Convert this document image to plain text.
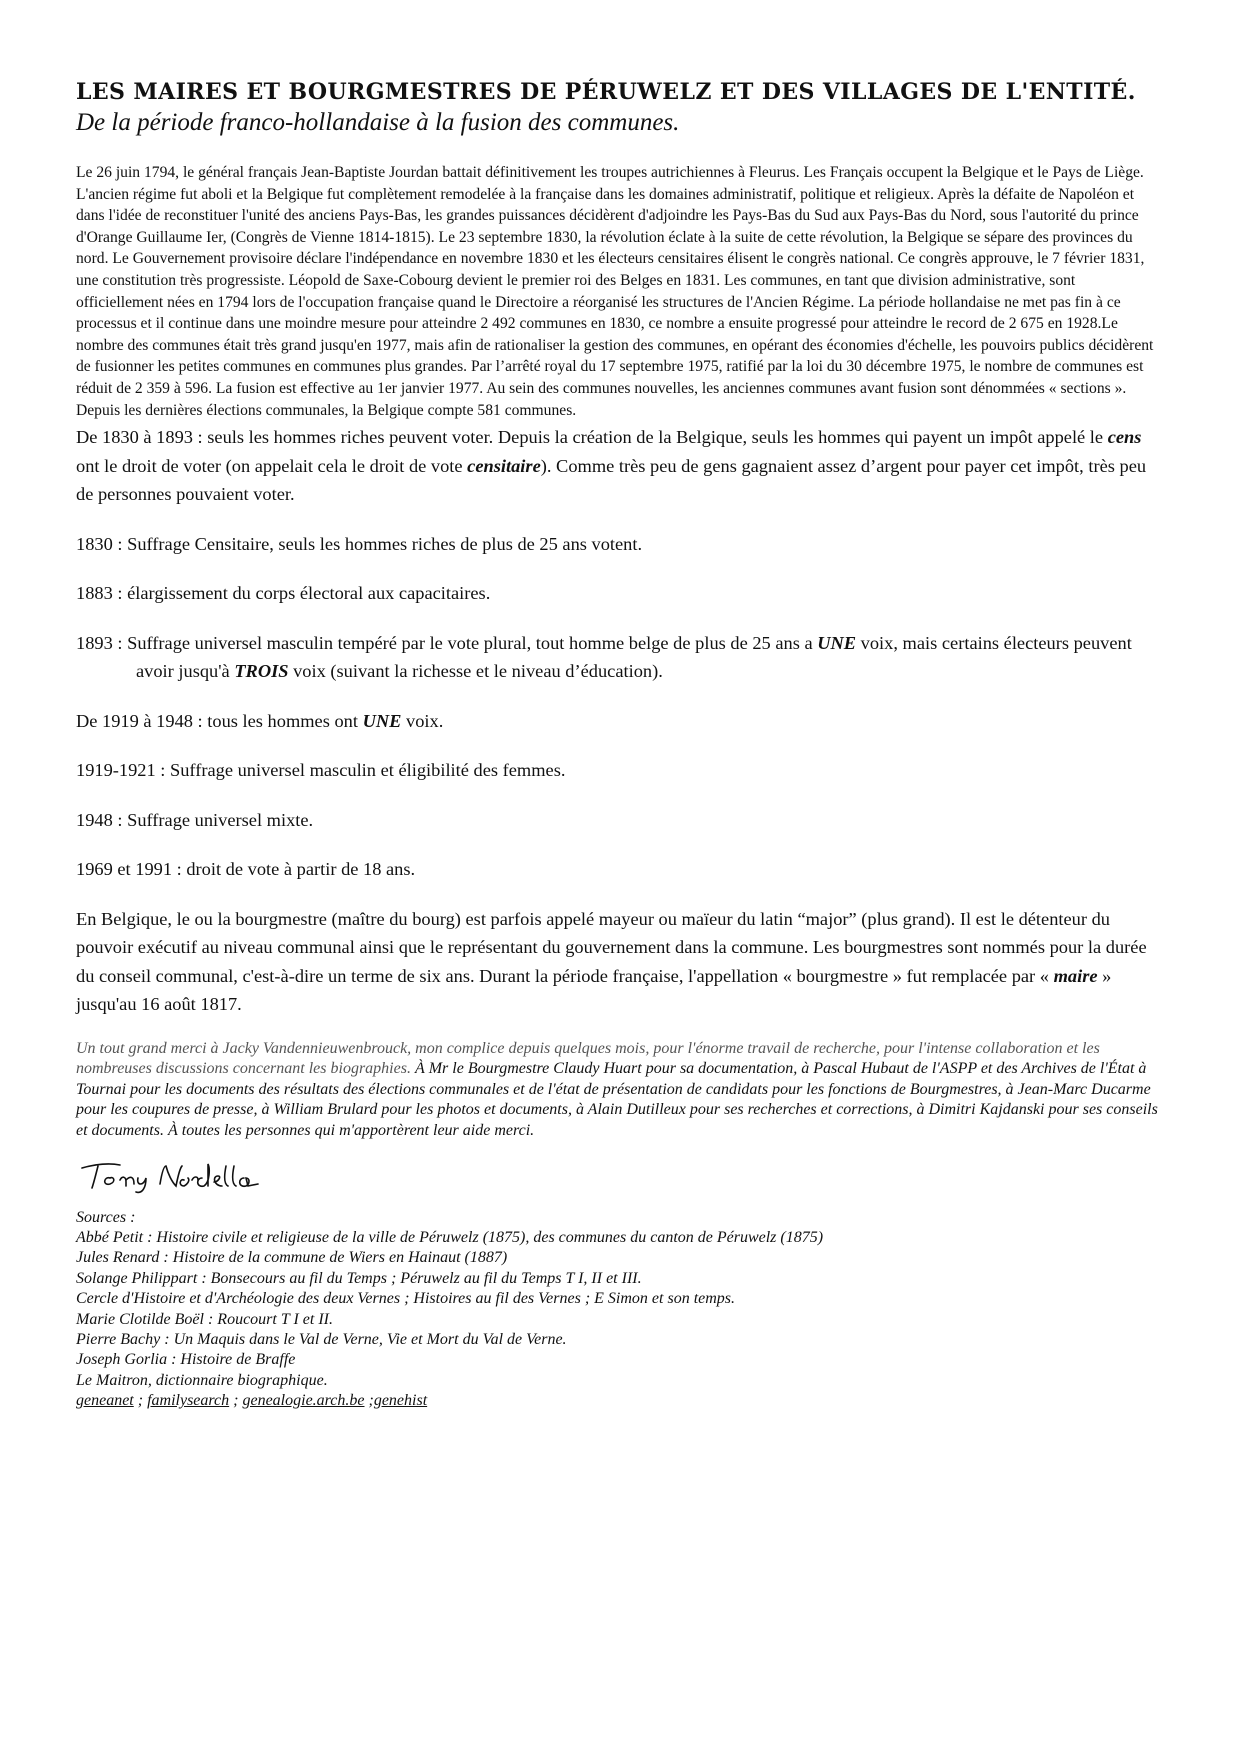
LES MAIRES ET BOURGMESTRES DE PÉRUWELZ ET DES VILLAGES DE L'ENTITÉ.

De la période franco-hollandaise à la fusion des communes.

Le 26 juin 1794, le général français Jean-Baptiste Jourdan battait définitivement les troupes autrichiennes à Fleurus. Les Français occupent la Belgique et le Pays de Liège. L'ancien régime fut aboli et la Belgique fut complètement remodelée à la française dans les domaines administratif, politique et religieux. Après la défaite de Napoléon et dans l'idée de reconstituer l'unité des anciens Pays-Bas, les grandes puissances décidèrent d'adjoindre les Pays-Bas du Sud aux Pays-Bas du Nord, sous l'autorité du prince d'Orange Guillaume Ier, (Congrès de Vienne 1814-1815). Le 23 septembre 1830, la révolution éclate à la suite de cette révolution, la Belgique se sépare des provinces du nord. Le Gouvernement provisoire déclare l'indépendance en novembre 1830 et les électeurs censitaires élisent le congrès national. Ce congrès approuve, le 7 février 1831, une constitution très progressiste. Léopold de Saxe-Cobourg devient le premier roi des Belges en 1831. Les communes, en tant que division administrative, sont officiellement nées en 1794 lors de l'occupation française quand le Directoire a réorganisé les structures de l'Ancien Régime. La période hollandaise ne met pas fin à ce processus et il continue dans une moindre mesure pour atteindre 2 492 communes en 1830, ce nombre a ensuite progressé pour atteindre le record de 2 675 en 1928.Le nombre des communes était très grand jusqu'en 1977, mais afin de rationaliser la gestion des communes, en opérant des économies d'échelle, les pouvoirs publics décidèrent de fusionner les petites communes en communes plus grandes. Par l’arrêté royal du 17 septembre 1975, ratifié par la loi du 30 décembre 1975, le nombre de communes est réduit de 2 359 à 596. La fusion est effective au 1er janvier 1977. Au sein des communes nouvelles, les anciennes communes avant fusion sont dénommées « sections ». Depuis les dernières élections communales, la Belgique compte 581 communes.

De 1830 à 1893 : seuls les hommes riches peuvent voter. Depuis la création de la Belgique, seuls les hommes qui payent un impôt appelé le cens ont le droit de voter (on appelait cela le droit de vote censitaire). Comme très peu de gens gagnaient assez d’argent pour payer cet impôt, très peu de personnes pouvaient voter.

1830 : Suffrage Censitaire, seuls les hommes riches de plus de 25 ans votent.

1883 : élargissement du corps électoral aux capacitaires.

1893 : Suffrage universel masculin tempéré par le vote plural, tout homme belge de plus de 25 ans a UNE voix, mais certains électeurs peuvent avoir jusqu'à TROIS voix (suivant la richesse et le niveau d’éducation).

De 1919 à 1948 : tous les hommes ont UNE voix.

1919-1921 : Suffrage universel masculin et éligibilité des femmes.

1948 : Suffrage universel mixte.

1969 et 1991 : droit de vote à partir de 18 ans.

En Belgique, le ou la bourgmestre (maître du bourg) est parfois appelé mayeur ou maïeur du latin “major” (plus grand). Il est le détenteur du pouvoir exécutif au niveau communal ainsi que le représentant du gouvernement dans la commune. Les bourgmestres sont nommés pour la durée du conseil communal, c'est-à-dire un terme de six ans. Durant la période française, l'appellation « bourgmestre » fut remplacée par « maire » jusqu'au 16 août 1817.

Un tout grand merci à Jacky Vandennieuwenbrouck, mon complice depuis quelques mois, pour l'énorme travail de recherche, pour l'intense collaboration et les nombreuses discussions concernant les biographies. À Mr le Bourgmestre Claudy Huart pour sa documentation, à Pascal Hubaut de l'ASPP et des Archives de l'État à Tournai pour les documents des résultats des élections communales et de l'état de présentation de candidats pour les fonctions de Bourgmestres, à Jean-Marc Ducarme pour les coupures de presse, à William Brulard pour les photos et documents, à Alain Dutilleux pour ses recherches et corrections, à Dimitri Kajdanski pour ses conseils et documents. À toutes les personnes qui m'apportèrent leur aide merci.

Sources :
Abbé Petit : Histoire civile et religieuse de la ville de Péruwelz (1875), des communes du canton de Péruwelz (1875)
Jules Renard : Histoire de la commune de Wiers en Hainaut (1887)
Solange Philippart : Bonsecours au fil du Temps ; Péruwelz au fil du Temps T I, II et III.
Cercle d'Histoire et d'Archéologie des deux Vernes ; Histoires au fil des Vernes ; E Simon et son temps.
Marie Clotilde Boël : Roucourt T I et II.
Pierre Bachy : Un Maquis dans le Val de Verne, Vie et Mort du Val de Verne.
Joseph Gorlia : Histoire de Braffe
Le Maitron, dictionnaire biographique.
geneanet ; familysearch ; genealogie.arch.be ;genehist
